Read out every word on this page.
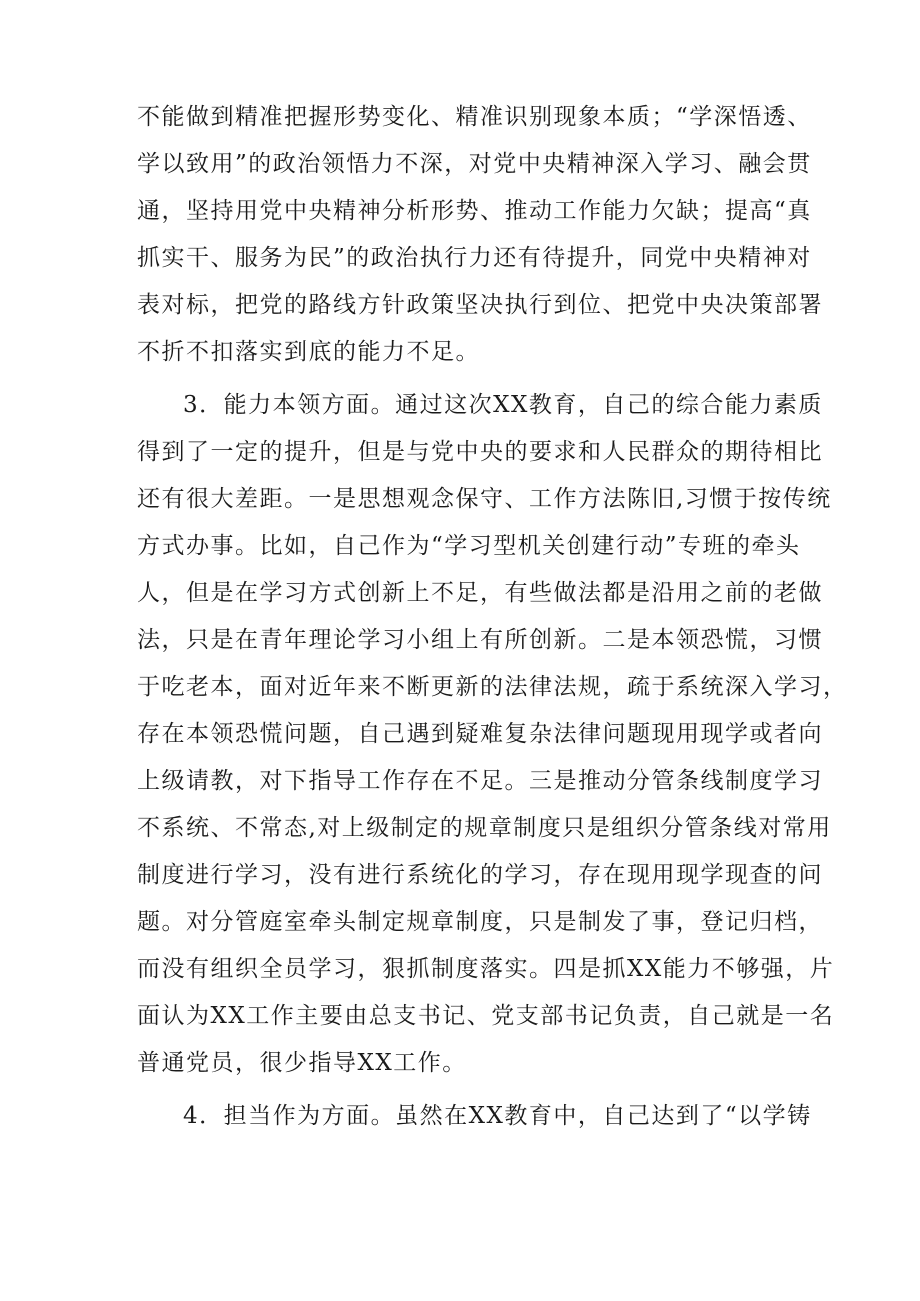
不能做到精准把握形势变化、精准识别现象本质；“学深悟透、
学以致用”的政治领悟力不深，对党中央精神深入学习、融会贯
通，坚持用党中央精神分析形势、推动工作能力欠缺；提高“真
抓实干、服务为民”的政治执行力还有待提升，同党中央精神对
表对标，把党的路线方针政策坚决执行到位、把党中央决策部署
不折不扣落实到底的能力不足。
3．能力本领方面。通过这次XX教育，自己的综合能力素质
得到了一定的提升，但是与党中央的要求和人民群众的期待相比
还有很大差距。一是思想观念保守、工作方法陈旧,习惯于按传统
方式办事。比如，自己作为“学习型机关创建行动”专班的牵头
人，但是在学习方式创新上不足，有些做法都是沿用之前的老做
法，只是在青年理论学习小组上有所创新。二是本领恐慌，习惯
于吃老本，面对近年来不断更新的法律法规，疏于系统深入学习，
存在本领恐慌问题，自己遇到疑难复杂法律问题现用现学或者向
上级请教，对下指导工作存在不足。三是推动分管条线制度学习
不系统、不常态,对上级制定的规章制度只是组织分管条线对常用
制度进行学习，没有进行系统化的学习，存在现用现学现查的问
题。对分管庭室牵头制定规章制度，只是制发了事，登记归档，
而没有组织全员学习，狠抓制度落实。四是抓XX能力不够强，片
面认为XX工作主要由总支书记、党支部书记负责，自己就是一名
普通党员，很少指导XX工作。
4．担当作为方面。虽然在XX教育中，自己达到了“以学铸
